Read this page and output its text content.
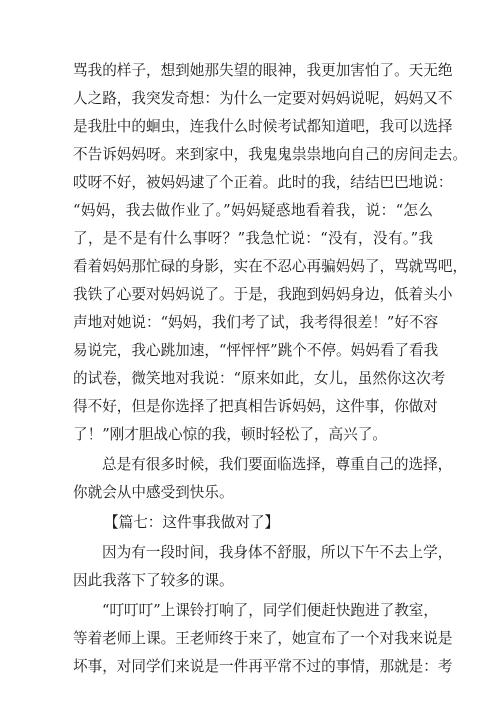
骂我的样子，想到她那失望的眼神，我更加害怕了。天无绝
人之路，我突发奇想：为什么一定要对妈妈说呢，妈妈又不
是我肚中的蛔虫，连我什么时候考试都知道吧，我可以选择
不告诉妈妈呀。来到家中，我鬼鬼祟祟地向自己的房间走去。
哎呀不好，被妈妈逮了个正着。此时的我，结结巴巴地说：
“妈妈，我去做作业了。”妈妈疑惑地看着我，说：“怎么
了，是不是有什么事呀？”我急忙说：“没有，没有。”我
看着妈妈那忙碌的身影，实在不忍心再骗妈妈了，骂就骂吧，
我铁了心要对妈妈说了。于是，我跑到妈妈身边，低着头小
声地对她说：“妈妈，我们考了试，我考得很差！”好不容
易说完，我心跳加速，“怦怦怦”跳个不停。妈妈看了看我
的试卷，微笑地对我说：“原来如此，女儿，虽然你这次考
得不好，但是你选择了把真相告诉妈妈，这件事，你做对
了！”刚才胆战心惊的我，顿时轻松了，高兴了。
总是有很多时候，我们要面临选择，尊重自己的选择，
你就会从中感受到快乐。
【篇七：这件事我做对了】
因为有一段时间，我身体不舒服，所以下午不去上学，
因此我落下了较多的课。
“叮叮叮”上课铃打响了，同学们便赶快跑进了教室，
等着老师上课。王老师终于来了，她宣布了一个对我来说是
坏事，对同学们来说是一件再平常不过的事情，那就是：考
